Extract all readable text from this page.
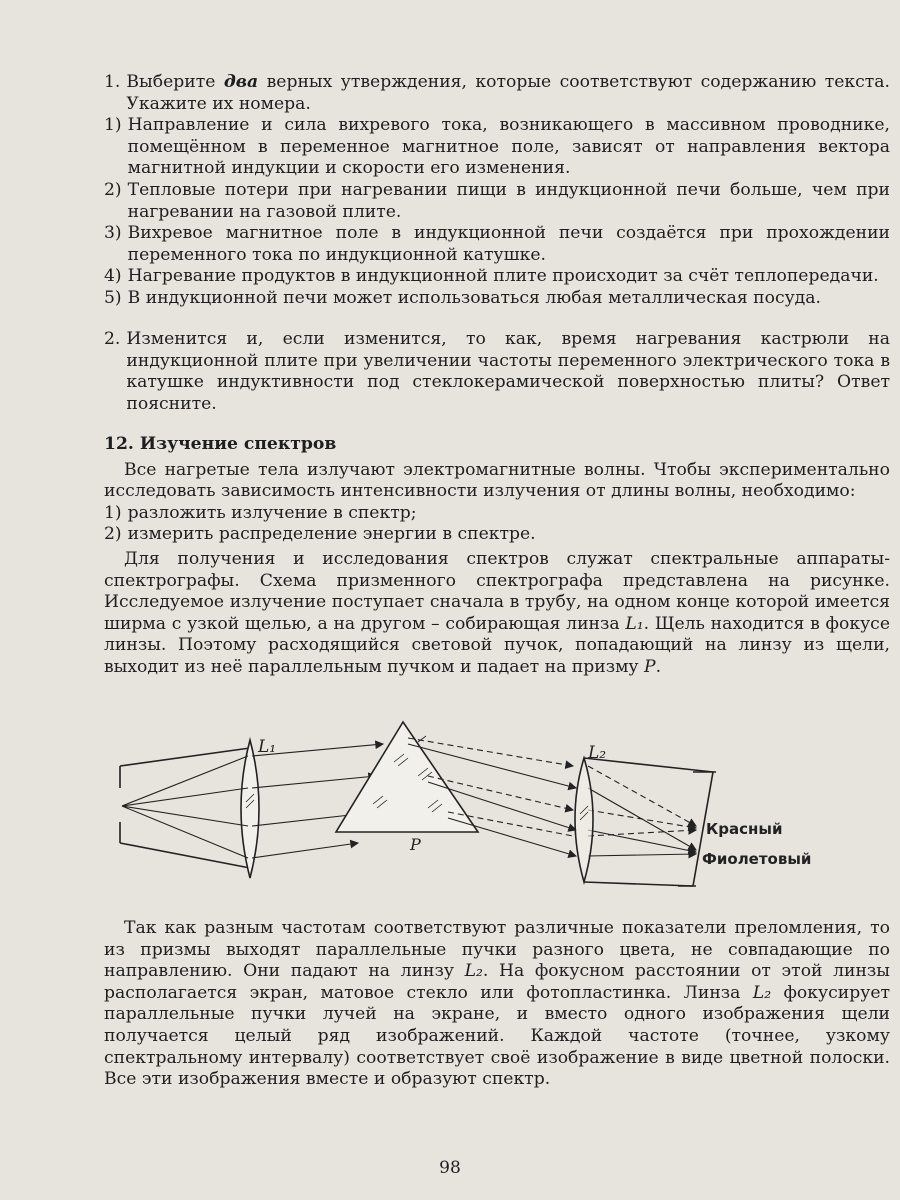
1. Выберите два верных утверждения, которые соответствуют содержанию текста. Укажите их номера.
1) Направление и сила вихревого тока, возникающего в массивном проводнике, помещённом в переменное магнитное поле, зависят от направления вектора магнитной индукции и скорости его изменения.
2) Тепловые потери при нагревании пищи в индукционной печи больше, чем при нагревании на газовой плите.
3) Вихревое магнитное поле в индукционной печи создаётся при прохождении переменного тока по индукционной катушке.
4) Нагревание продуктов в индукционной плите происходит за счёт теплопередачи.
5) В индукционной печи может использоваться любая металлическая посуда.
2. Изменится и, если изменится, то как, время нагревания кастрюли на индукционной плите при увеличении частоты переменного электрического тока в катушке индуктивности под стеклокерамической поверхностью плиты? Ответ поясните.

12. Изучение спектров

Все нагретые тела излучают электромагнитные волны. Чтобы экспериментально исследовать зависимость интенсивности излучения от длины волны, необходимо:

1) разложить излучение в спектр;
2) измерить распределение энергии в спектре.

Для получения и исследования спектров служат спектральные аппараты-спектрографы. Схема призменного спектрографа представлена на рисунке. Исследуемое излучение поступает сначала в трубу, на одном конце которой имеется ширма с узкой щелью, а на другом – собирающая линза L₁. Щель находится в фокусе линзы. Поэтому расходящийся световой пучок, попадающий на линзу из щели, выходит из неё параллельным пучком и падает на призму P.

L₁	L₂
P
Красный
Фиолетовый

Так как разным частотам соответствуют различные показатели преломления, то из призмы выходят параллельные пучки разного цвета, не совпадающие по направлению. Они падают на линзу L₂. На фокусном расстоянии от этой линзы располагается экран, матовое стекло или фотопластинка. Линза L₂ фокусирует параллельные пучки лучей на экране, и вместо одного изображения щели получается целый ряд изображений. Каждой частоте (точнее, узкому спектральному интервалу) соответствует своё изображение в виде цветной полоски. Все эти изображения вместе и образуют спектр.

98
